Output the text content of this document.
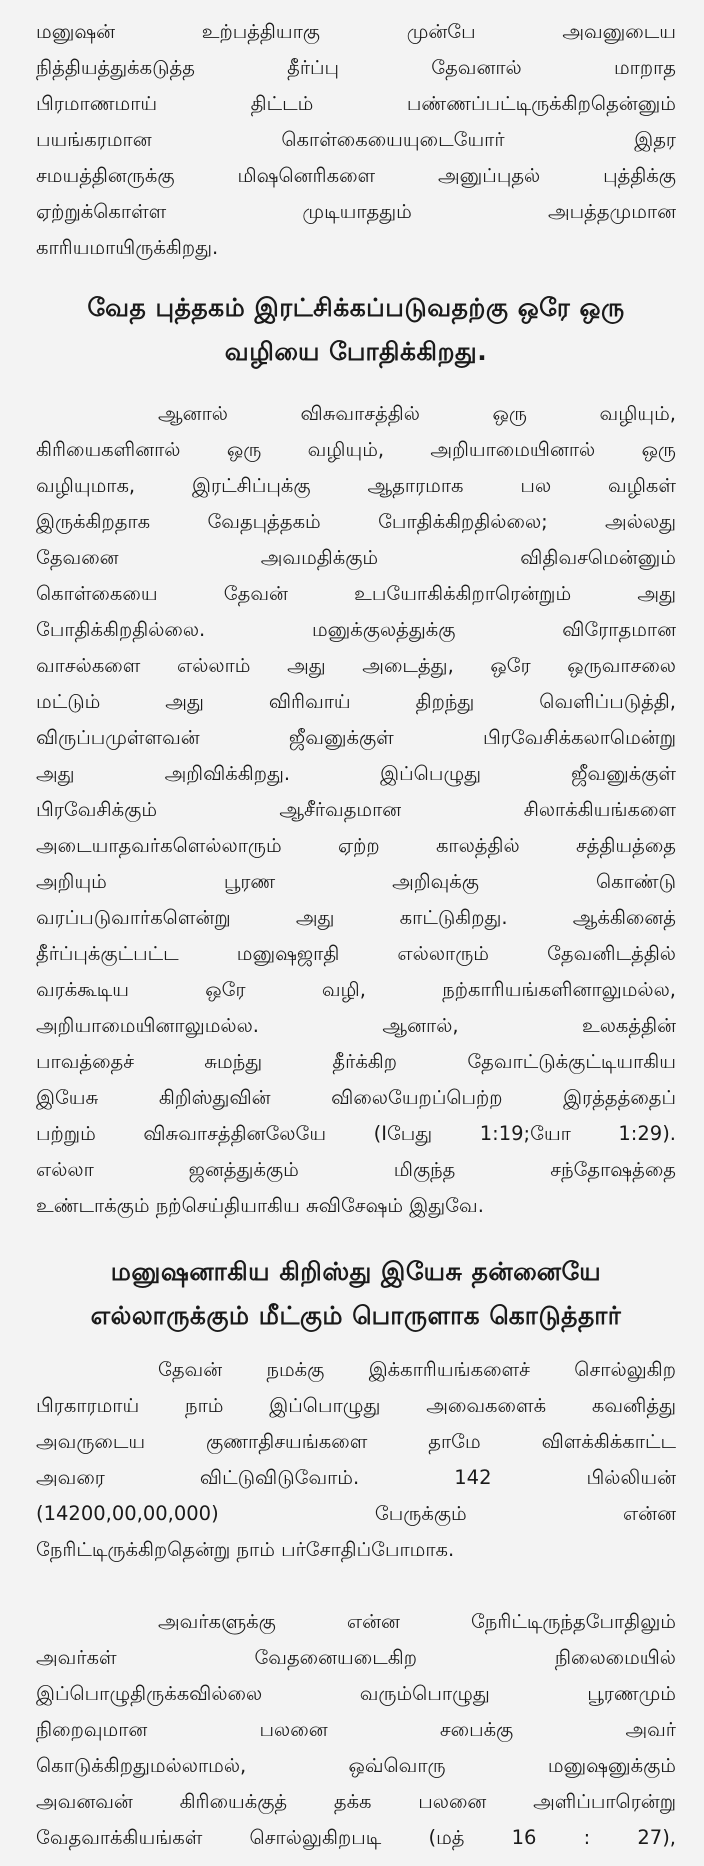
மனுஷன் உற்பத்தியாகு முன்பே அவனுடைய
நித்தியத்துக்கடுத்த தீர்ப்பு தேவனால் மாறாத
பிரமாணமாய் திட்டம் பண்ணப்பட்டிருக்கிறதென்னும்
பயங்கரமான கொள்கையையுடையோர் இதர
சமயத்தினருக்கு மிஷனெரிகளை அனுப்புதல் புத்திக்கு
ஏற்றுக்கொள்ள முடியாததும் அபத்தமுமான
காரியமாயிருக்கிறது.
வேத புத்தகம் இரட்சிக்கப்படுவதற்கு ஒரே ஒரு
வழியை போதிக்கிறது.
ஆனால் விசுவாசத்தில் ஒரு வழியும்,
கிரியைகளினால் ஒரு வழியும், அறியாமையினால் ஒரு
வழியுமாக, இரட்சிப்புக்கு ஆதாரமாக பல வழிகள்
இருக்கிறதாக வேதபுத்தகம் போதிக்கிறதில்லை; அல்லது
தேவனை அவமதிக்கும் விதிவசமென்னும்
கொள்கையை தேவன் உபயோகிக்கிறாரென்றும் அது
போதிக்கிறதில்லை. மனுக்குலத்துக்கு விரோதமான
வாசல்களை எல்லாம் அது அடைத்து, ஒரே ஒருவாசலை
மட்டும் அது விரிவாய் திறந்து வெளிப்படுத்தி,
விருப்பமுள்ளவன் ஜீவனுக்குள் பிரவேசிக்கலாமென்று
அது அறிவிக்கிறது. இப்பெழுது ஜீவனுக்குள்
பிரவேசிக்கும் ஆசீர்வதமான சிலாக்கியங்களை
அடையாதவர்களெல்லாரும் ஏற்ற காலத்தில் சத்தியத்தை
அறியும் பூரண அறிவுக்கு கொண்டு
வரப்படுவார்களென்று அது காட்டுகிறது. ஆக்கினைத்
தீர்ப்புக்குட்பட்ட மனுஷஜாதி எல்லாரும் தேவனிடத்தில்
வரக்கூடிய ஒரே வழி, நற்காரியங்களினாலுமல்ல,
அறியாமையினாலுமல்ல. ஆனால், உலகத்தின்
பாவத்தைச் சுமந்து தீர்க்கிற தேவாட்டுக்குட்டியாகிய
இயேசு கிறிஸ்துவின் விலையேறப்பெற்ற இரத்தத்தைப்
பற்றும் விசுவாசத்தினலேயே (Iபேது 1:19;யோ 1:29).
எல்லா ஜனத்துக்கும் மிகுந்த சந்தோஷத்தை
உண்டாக்கும் நற்செய்தியாகிய சுவிசேஷம் இதுவே.
மனுஷனாகிய கிறிஸ்து இயேசு தன்னையே
எல்லாருக்கும் மீட்கும் பொருளாக கொடுத்தார்
தேவன் நமக்கு இக்காரியங்களைச் சொல்லுகிற
பிரகாரமாய் நாம் இப்பொழுது அவைகளைக் கவனித்து
அவருடைய குணாதிசயங்களை தாமே விளக்கிக்காட்ட
அவரை விட்டுவிடுவோம். 142 பில்லியன்
(14200,00,00,000) பேருக்கும் என்ன
நேரிட்டிருக்கிறதென்று நாம் பர்சோதிப்போமாக.
அவர்களுக்கு என்ன நேரிட்டிருந்தபோதிலும்
அவர்கள் வேதனையடைகிற நிலைமையில்
இப்பொழுதிருக்கவில்லை வரும்பொழுது பூரணமும்
நிறைவுமான பலனை சபைக்கு அவர்
கொடுக்கிறதுமல்லாமல், ஒவ்வொரு மனுஷனுக்கும்
அவனவன் கிரியைக்குத் தக்க பலனை அளிப்பாரென்று
வேதவாக்கியங்கள் சொல்லுகிறபடி (மத் 16 : 27),
